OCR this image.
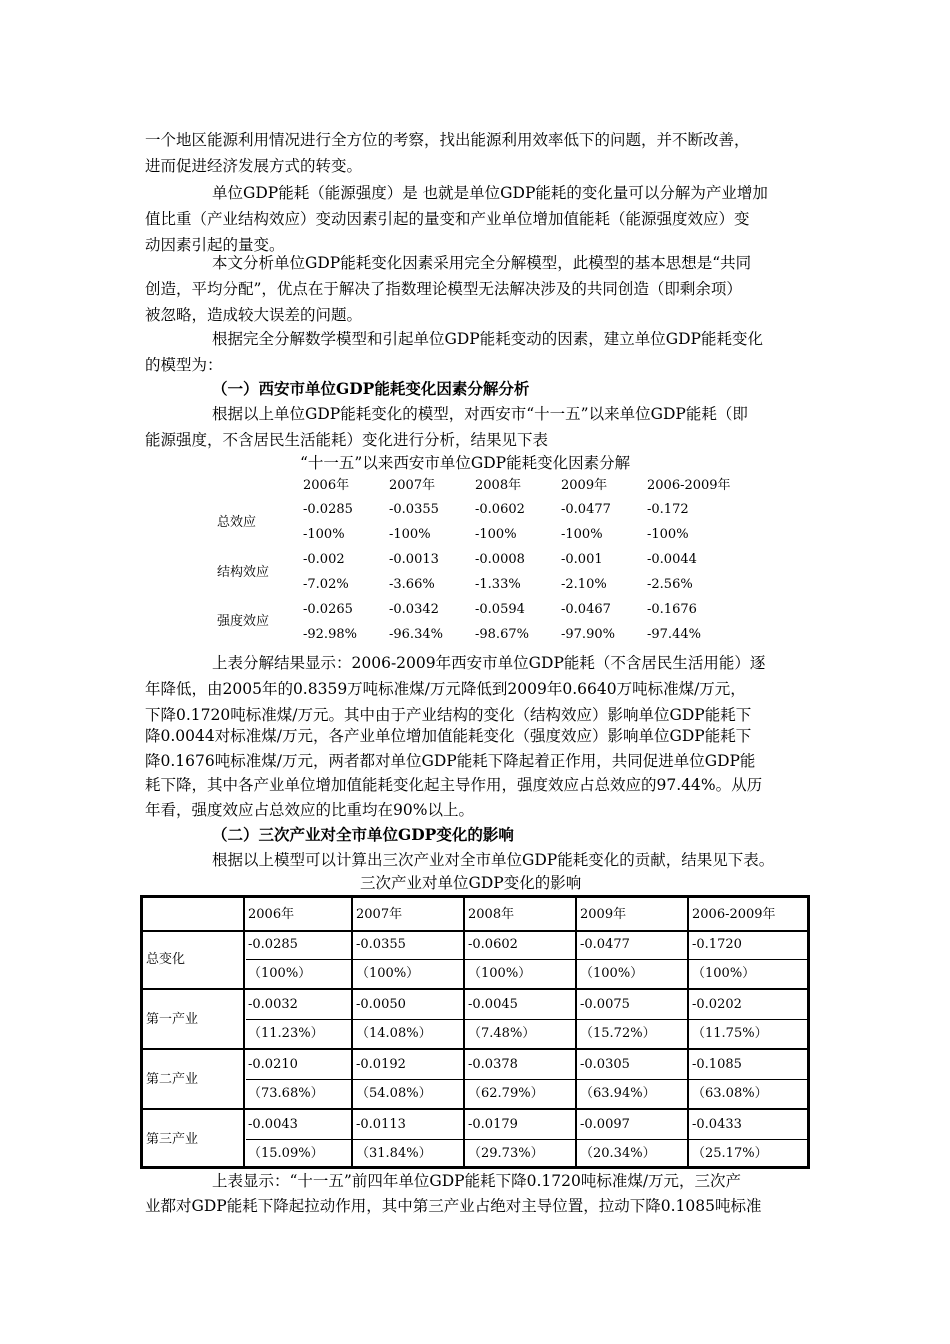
一个地区能源利用情况进行全方位的考察，找出能源利用效率低下的问题，并不断改善，
进而促进经济发展方式的转变。
单位GDP能耗（能源强度）是 也就是单位GDP能耗的变化量可以分解为产业增加
值比重（产业结构效应）变动因素引起的量变和产业单位增加值能耗（能源强度效应）变
动因素引起的量变。
本文分析单位GDP能耗变化因素采用完全分解模型，此模型的基本思想是“共同
创造，平均分配”，优点在于解决了指数理论模型无法解决涉及的共同创造（即剩余项）
被忽略，造成较大误差的问题。
根据完全分解数学模型和引起单位GDP能耗变动的因素，建立单位GDP能耗变化
的模型为：
（一）西安市单位GDP能耗变化因素分解分析
根据以上单位GDP能耗变化的模型，对西安市“十一五”以来单位GDP能耗（即
能源强度，不含居民生活能耗）变化进行分析，结果见下表
“十一五”以来西安市单位GDP能耗变化因素分解
2006年	2007年	2008年	2009年	2006-2009年
总效应
-0.0285	-0.0355	-0.0602	-0.0477	-0.172
-100%	-100%	-100%	-100%	-100%
结构效应
-0.002	-0.0013	-0.0008	-0.001	-0.0044
-7.02%	-3.66%	-1.33%	-2.10%	-2.56%
强度效应
-0.0265	-0.0342	-0.0594	-0.0467	-0.1676
-92.98% -96.34% -98.67% -97.90% -97.44%
上表分解结果显示：2006-2009年西安市单位GDP能耗（不含居民生活用能）逐
年降低，由2005年的0.8359万吨标准煤/万元降低到2009年0.6640万吨标准煤/万元，
下降0.1720吨标准煤/万元。其中由于产业结构的变化（结构效应）影响单位GDP能耗下
降0.0044对标准煤/万元，各产业单位增加值能耗变化（强度效应）影响单位GDP能耗下
降0.1676吨标准煤/万元，两者都对单位GDP能耗下降起着正作用，共同促进单位GDP能
耗下降，其中各产业单位增加值能耗变化起主导作用，强度效应占总效应的97.44%。从历
年看，强度效应占总效应的比重均在90%以上。
（二）三次产业对全市单位GDP变化的影响
根据以上模型可以计算出三次产业对全市单位GDP能耗变化的贡献，结果见下表。
三次产业对单位GDP变化的影响
2006年	2007年	2008年	2009年	2006-2009年
总变化
-0.0285	-0.0355	-0.0602	-0.0477	-0.1720
（100%）	（100%）	（100%）	（100%）	（100%）
第一产业
-0.0032	-0.0050	-0.0045	-0.0075	-0.0202
（11.23%） （14.08%）	（7.48%）	（15.72%）	（11.75%）
第二产业
-0.0210	-0.0192	-0.0378	-0.0305	-0.1085
（73.68%） （54.08%）	（62.79%）	（63.94%）	（63.08%）
第三产业
-0.0043	-0.0113	-0.0179	-0.0097	-0.0433
（15.09%） （31.84%）	（29.73%）	（20.34%）	（25.17%）
上表显示：“十一五”前四年单位GDP能耗下降0.1720吨标准煤/万元，三次产
业都对GDP能耗下降起拉动作用，其中第三产业占绝对主导位置，拉动下降0.1085吨标准
